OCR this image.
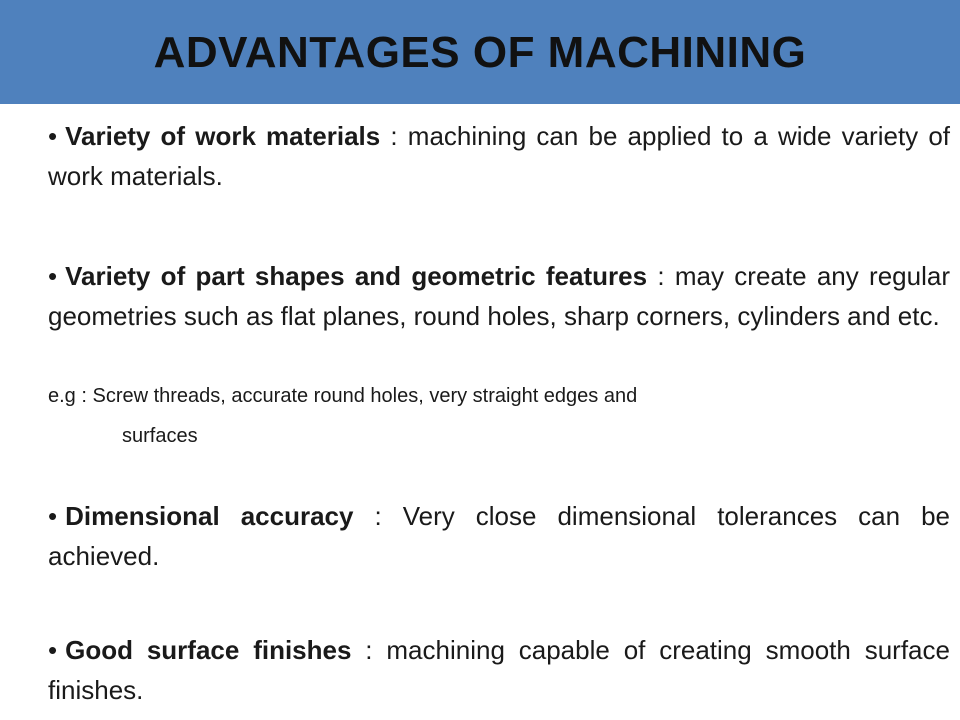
ADVANTAGES OF MACHINING

• Variety of work materials : machining can be applied to a wide variety of work materials.

• Variety of part shapes and geometric features : may create any regular geometries such as flat planes, round holes, sharp corners, cylinders and etc.

e.g : Screw threads, accurate round holes, very straight edges and
surfaces

• Dimensional accuracy : Very close dimensional tolerances can be achieved.

• Good surface finishes : machining capable of creating smooth surface finishes.
